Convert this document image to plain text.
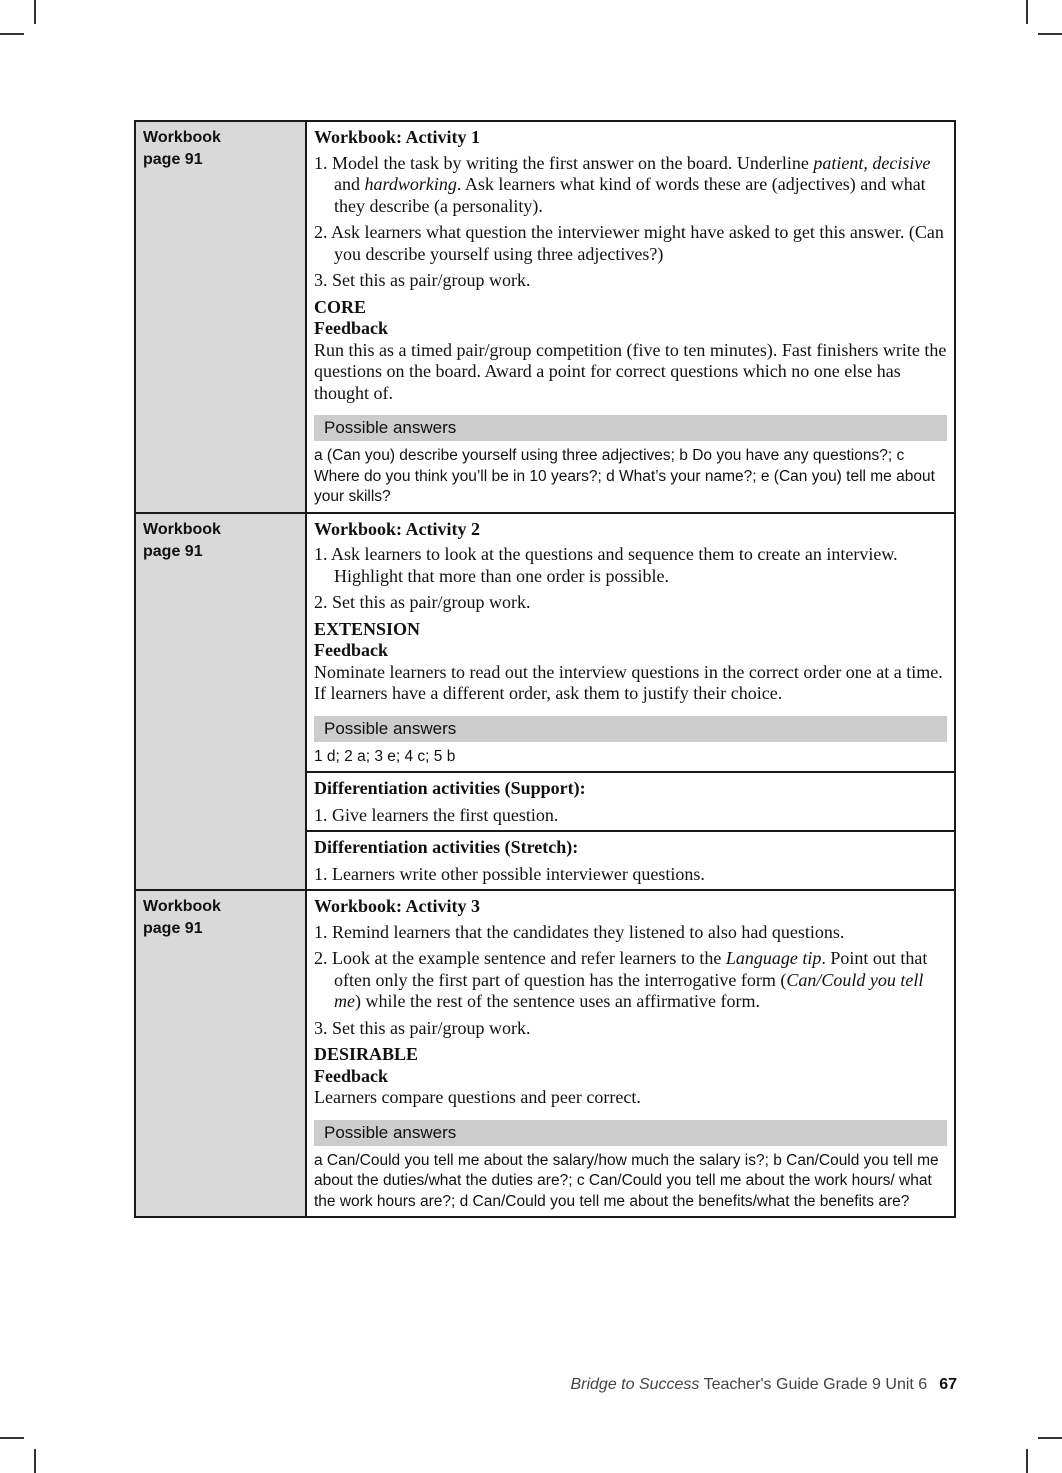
Workbook
page 91

Workbook: Activity 1
1. Model the task by writing the first answer on the board. Underline patient, decisive and hardworking. Ask learners what kind of words these are (adjectives) and what they describe (a personality).
2. Ask learners what question the interviewer might have asked to get this answer. (Can you describe yourself using three adjectives?)
3. Set this as pair/group work.
CORE
Feedback
Run this as a timed pair/group competition (five to ten minutes). Fast finishers write the questions on the board. Award a point for correct questions which no one else has thought of.
Possible answers
a (Can you) describe yourself using three adjectives; b Do you have any questions?; c Where do you think you’ll be in 10 years?; d What’s your name?; e (Can you) tell me about your skills?

Workbook
page 91

Workbook: Activity 2
1. Ask learners to look at the questions and sequence them to create an interview. Highlight that more than one order is possible.
2. Set this as pair/group work.
EXTENSION
Feedback
Nominate learners to read out the interview questions in the correct order one at a time. If learners have a different order, ask them to justify their choice.
Possible answers
1 d; 2 a; 3 e; 4 c; 5 b

	Differentiation activities (Support):
1. Give learners the first question.

	Differentiation activities (Stretch):
1. Learners write other possible interviewer questions.

Workbook
page 91

Workbook: Activity 3
1. Remind learners that the candidates they listened to also had questions.
2. Look at the example sentence and refer learners to the Language tip. Point out that often only the first part of question has the interrogative form (Can/Could you tell me) while the rest of the sentence uses an affirmative form.
3. Set this as pair/group work.
DESIRABLE
Feedback
Learners compare questions and peer correct.
Possible answers
a Can/Could you tell me about the salary/how much the salary is?; b Can/Could you tell me about the duties/what the duties are?; c Can/Could you tell me about the work hours/ what the work hours are?; d Can/Could you tell me about the benefits/what the benefits are?
Bridge to Success Teacher's Guide Grade 9 Unit 6 67
